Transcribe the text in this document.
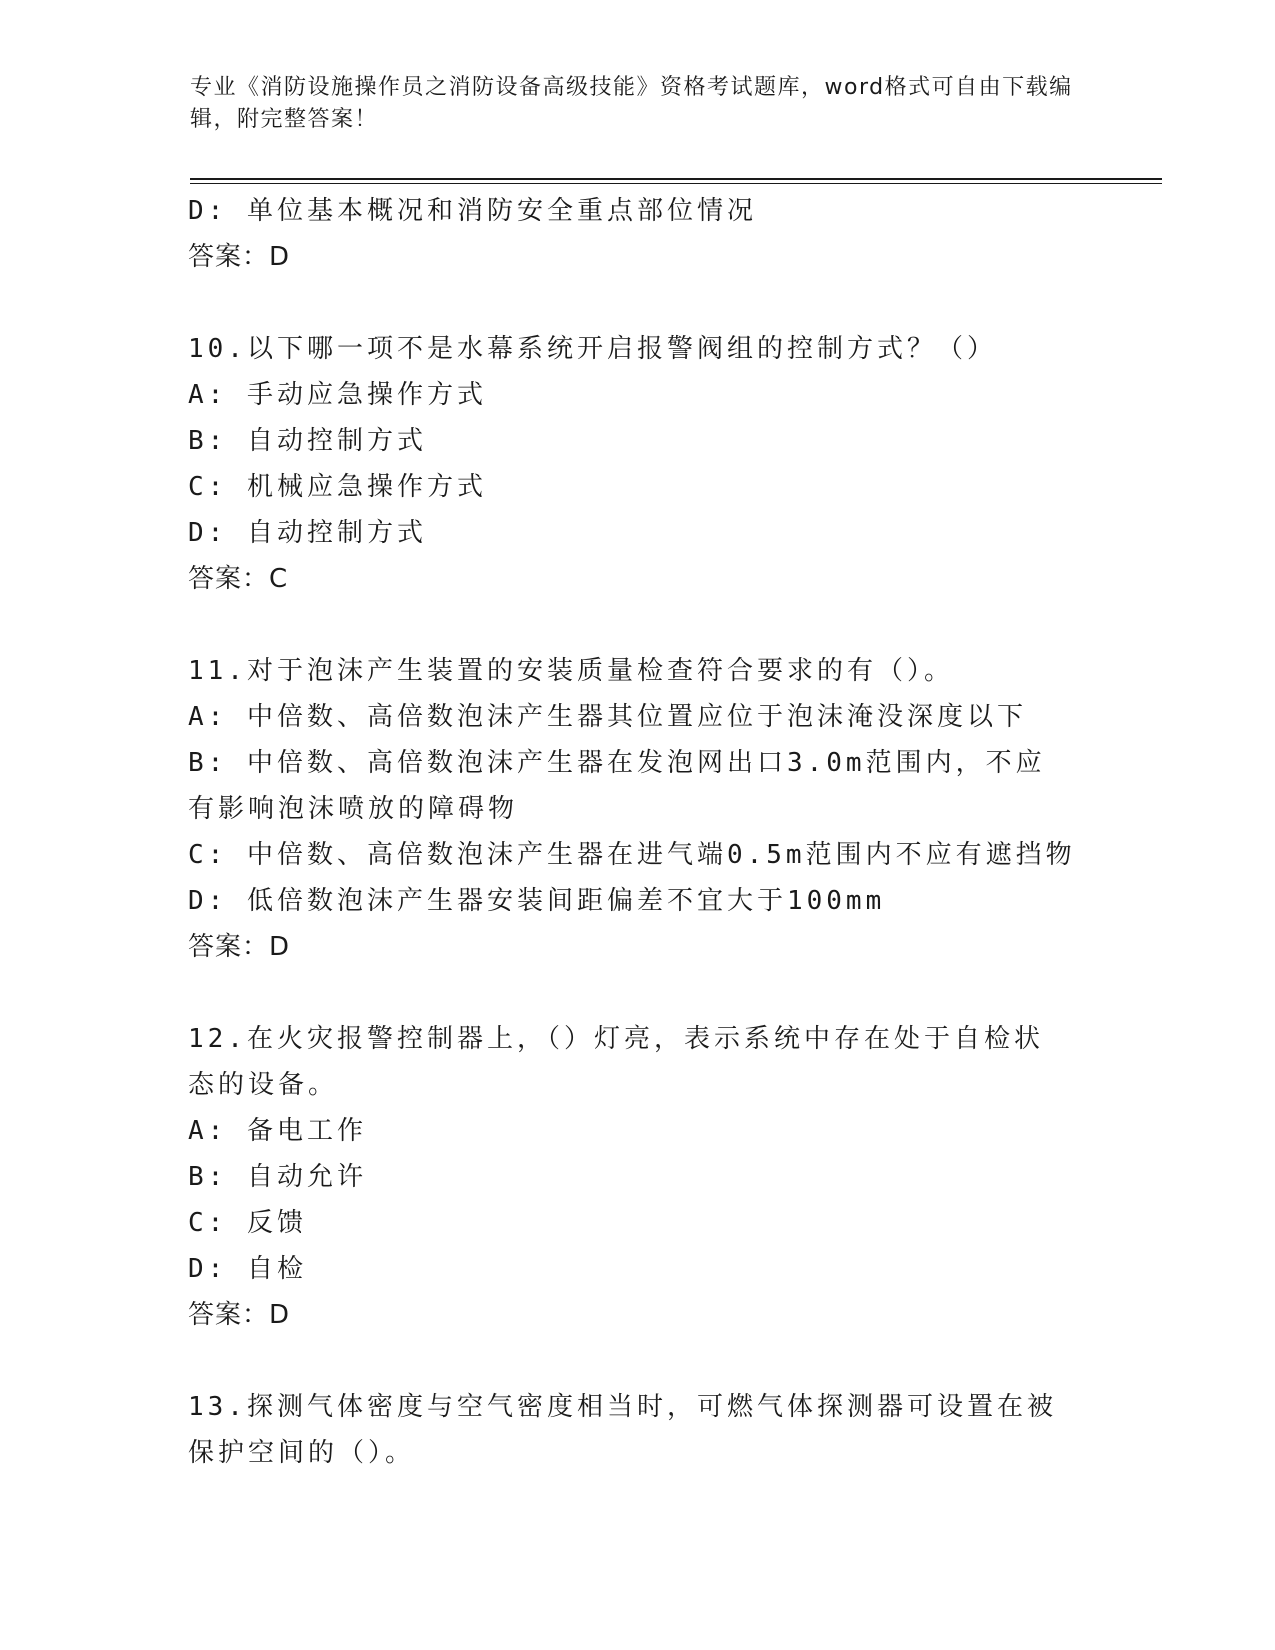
专业《消防设施操作员之消防设备高级技能》资格考试题库，word格式可自由下载编辑，附完整答案！
D: 单位基本概况和消防安全重点部位情况
答案：D
10.以下哪一项不是水幕系统开启报警阀组的控制方式？（）
A: 手动应急操作方式
B: 自动控制方式
C: 机械应急操作方式
D: 自动控制方式
答案：C
11.对于泡沫产生装置的安装质量检查符合要求的有（）。
A: 中倍数、高倍数泡沫产生器其位置应位于泡沫淹没深度以下
B: 中倍数、高倍数泡沫产生器在发泡网出口3.0m范围内，不应有影响泡沫喷放的障碍物
C: 中倍数、高倍数泡沫产生器在进气端0.5m范围内不应有遮挡物
D: 低倍数泡沫产生器安装间距偏差不宜大于100mm
答案：D
12.在火灾报警控制器上，（）灯亮，表示系统中存在处于自检状态的设备。
A: 备电工作
B: 自动允许
C: 反馈
D: 自检
答案：D
13.探测气体密度与空气密度相当时，可燃气体探测器可设置在被保护空间的（）。
